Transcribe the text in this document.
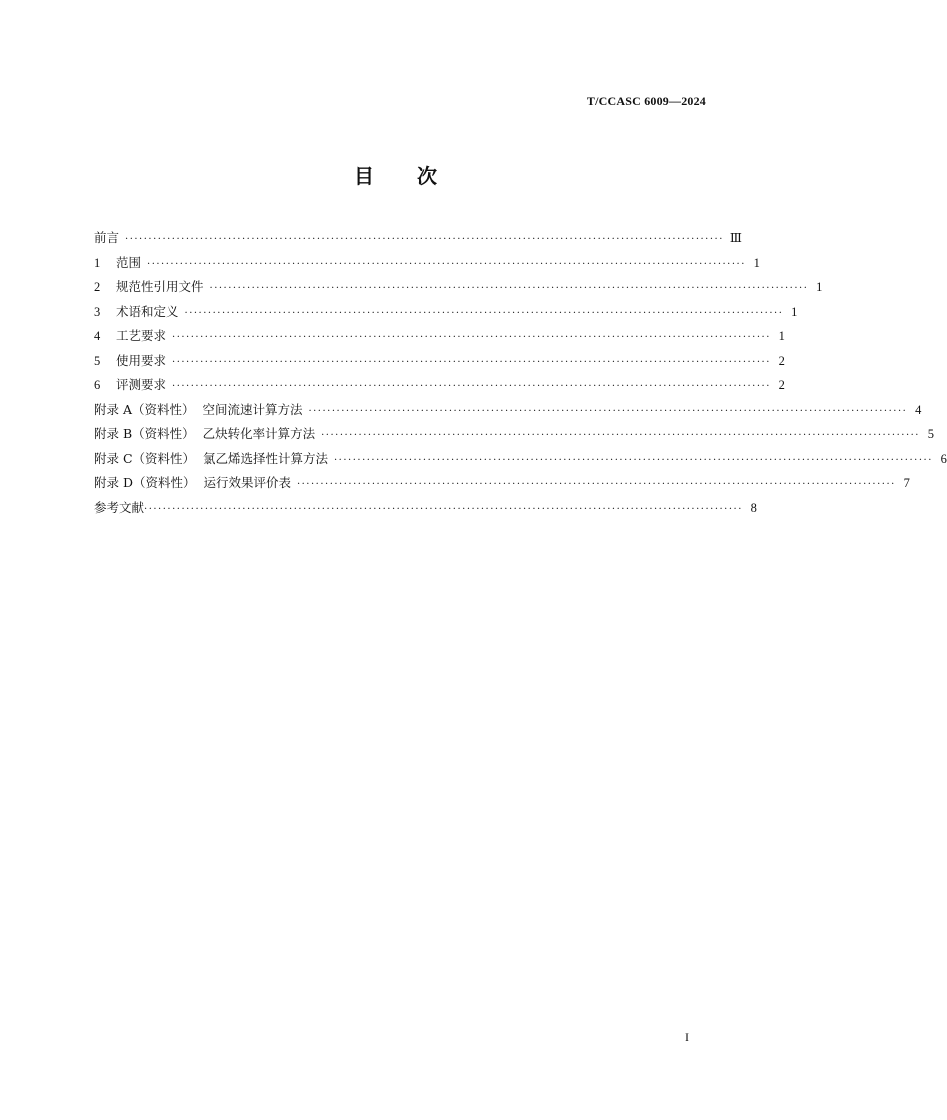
T/CCASC 6009—2024
目 次
前言 ································································································································ Ⅲ
1	范围 ································································································································ 1
2	规范性引用文件 ································································································································ 1
3	术语和定义 ································································································································ 1
4	工艺要求 ································································································································ 1
5	使用要求 ································································································································ 2
6	评测要求 ································································································································ 2
附录 A（资料性）  空间流速计算方法 ································································································································ 4
附录 B（资料性）  乙炔转化率计算方法 ································································································································ 5
附录 C（资料性）  氯乙烯选择性计算方法 ································································································································ 6
附录 D（资料性）  运行效果评价表 ································································································································ 7
参考文献 ································································································································ 8
I
